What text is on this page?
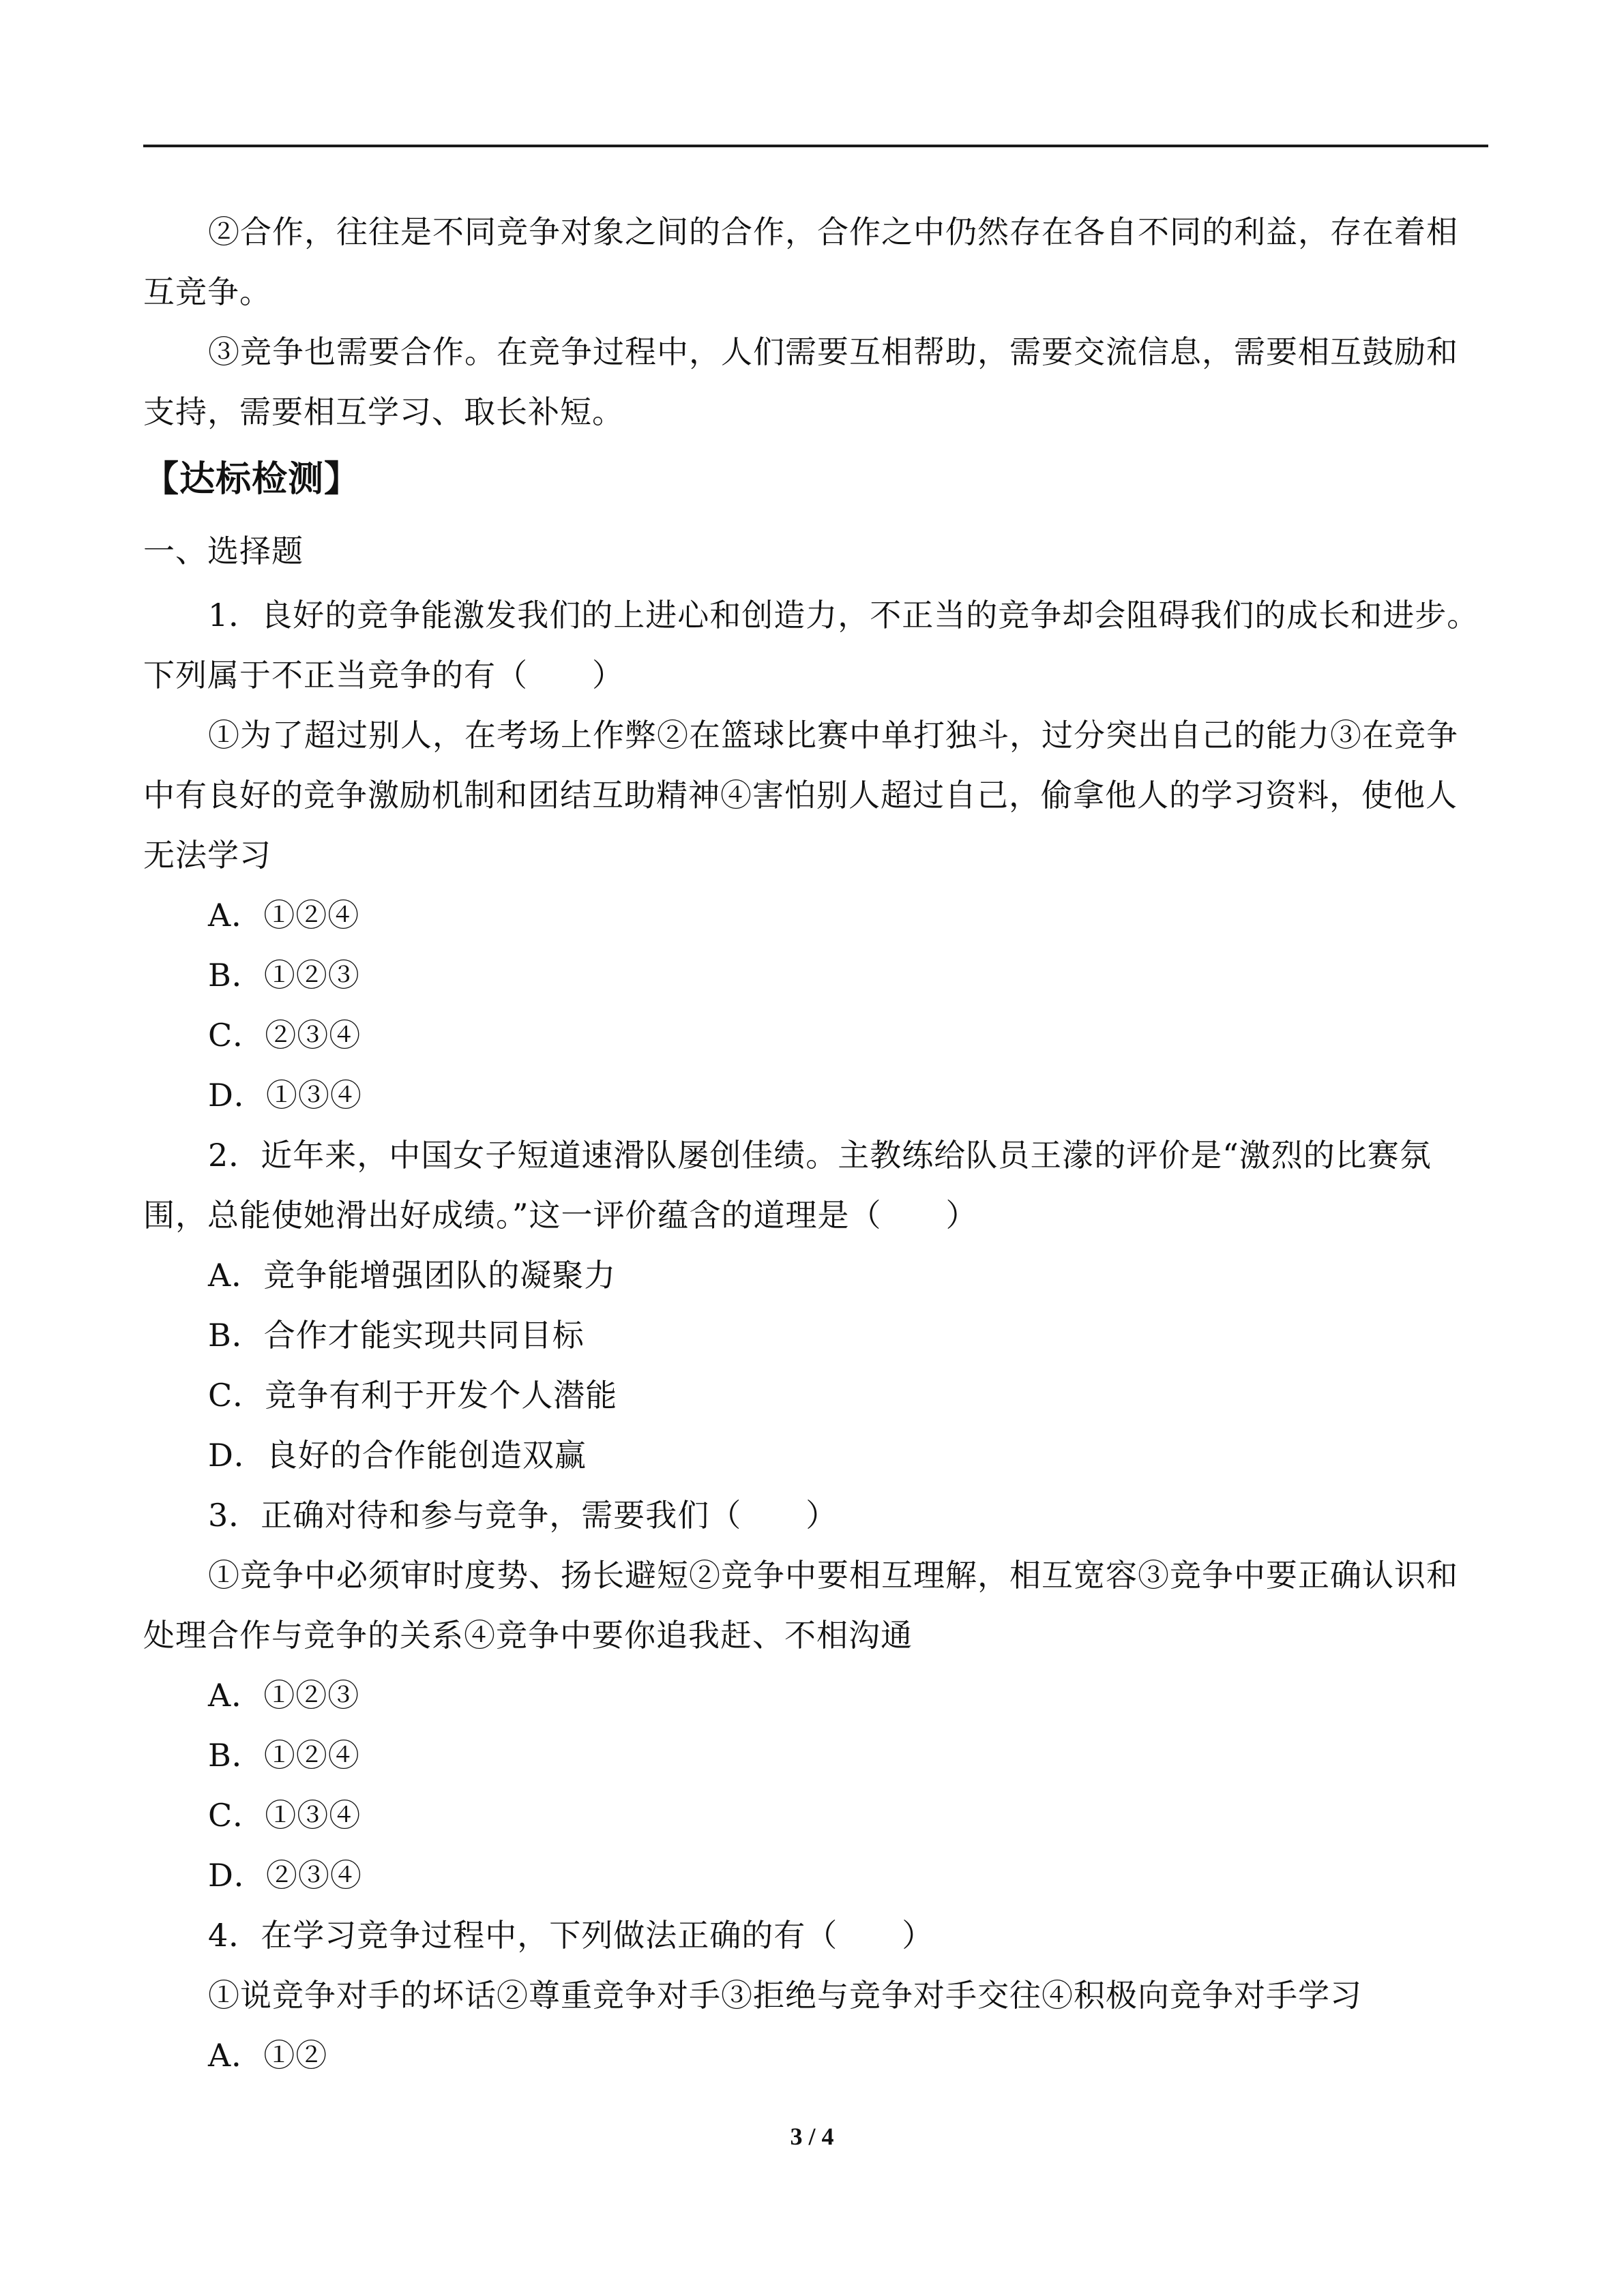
②合作，往往是不同竞争对象之间的合作，合作之中仍然存在各自不同的利益，存在着相互竞争。

③竞争也需要合作。在竞争过程中，人们需要互相帮助，需要交流信息，需要相互鼓励和支持，需要相互学习、取长补短。

【达标检测】

一、选择题

1．良好的竞争能激发我们的上进心和创造力，不正当的竞争却会阻碍我们的成长和进步。下列属于不正当竞争的有（　　）

①为了超过别人，在考场上作弊②在篮球比赛中单打独斗，过分突出自己的能力③在竞争中有良好的竞争激励机制和团结互助精神④害怕别人超过自己，偷拿他人的学习资料，使他人无法学习

A．①②④

B．①②③

C．②③④

D．①③④

2．近年来，中国女子短道速滑队屡创佳绩。主教练给队员王濛的评价是“激烈的比赛氛围，总能使她滑出好成绩。”这一评价蕴含的道理是（　　）

A．竞争能增强团队的凝聚力

B．合作才能实现共同目标

C．竞争有利于开发个人潜能

D．良好的合作能创造双赢

3．正确对待和参与竞争，需要我们（　　）

①竞争中必须审时度势、扬长避短②竞争中要相互理解，相互宽容③竞争中要正确认识和处理合作与竞争的关系④竞争中要你追我赶、不相沟通

A．①②③

B．①②④

C．①③④

D．②③④

4．在学习竞争过程中，下列做法正确的有（　　）

①说竞争对手的坏话②尊重竞争对手③拒绝与竞争对手交往④积极向竞争对手学习

A．①②

3 / 4
